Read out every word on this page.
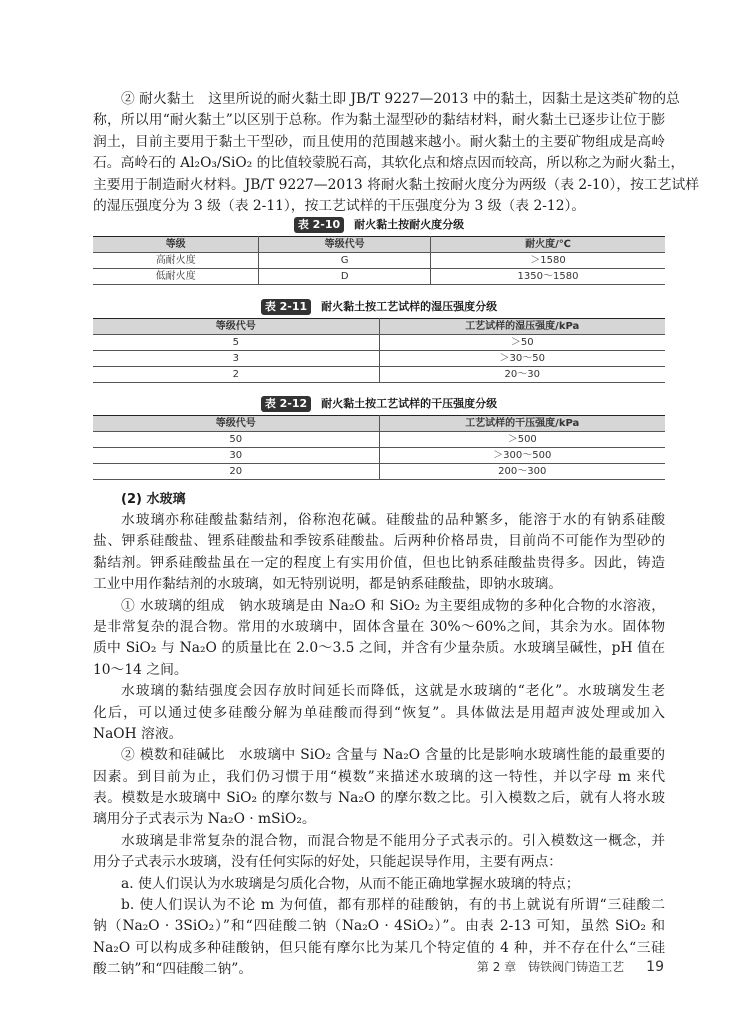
② 耐火黏土　这里所说的耐火黏土即 JB/T 9227—2013 中的黏土，因黏土是这类矿物的总
称，所以用“耐火黏土”以区别于总称。作为黏土湿型砂的黏结材料，耐火黏土已逐步让位于膨
润土，目前主要用于黏土干型砂，而且使用的范围越来越小。耐火黏土的主要矿物组成是高岭
石。高岭石的 Al₂O₃/SiO₂ 的比值较蒙脱石高，其软化点和熔点因而较高，所以称之为耐火黏土，
主要用于制造耐火材料。JB/T 9227—2013 将耐火黏土按耐火度分为两级（表 2-10），按工艺试样
的湿压强度分为 3 级（表 2-11），按工艺试样的干压强度分为 3 级（表 2-12）。
表 2-10 耐火黏土按耐火度分级
等级	等级代号	耐火度/℃
高耐火度	G	＞1580
低耐火度	D	1350～1580
表 2-11 耐火黏土按工艺试样的湿压强度分级
等级代号	工艺试样的湿压强度/kPa
5	＞50
3	＞30～50
2	20～30
表 2-12 耐火黏土按工艺试样的干压强度分级
等级代号	工艺试样的干压强度/kPa
50	＞500
30	＞300～500
20	200～300
(2) 水玻璃
水玻璃亦称硅酸盐黏结剂，俗称泡花碱。硅酸盐的品种繁多，能溶于水的有钠系硅酸
盐、钾系硅酸盐、锂系硅酸盐和季铵系硅酸盐。后两种价格昂贵，目前尚不可能作为型砂的
黏结剂。钾系硅酸盐虽在一定的程度上有实用价值，但也比钠系硅酸盐贵得多。因此，铸造
工业中用作黏结剂的水玻璃，如无特别说明，都是钠系硅酸盐，即钠水玻璃。
① 水玻璃的组成　钠水玻璃是由 Na₂O 和 SiO₂ 为主要组成物的多种化合物的水溶液，
是非常复杂的混合物。常用的水玻璃中，固体含量在 30%～60%之间，其余为水。固体物
质中 SiO₂ 与 Na₂O 的质量比在 2.0～3.5 之间，并含有少量杂质。水玻璃呈碱性，pH 值在
10～14 之间。
水玻璃的黏结强度会因存放时间延长而降低，这就是水玻璃的“老化”。水玻璃发生老
化后，可以通过使多硅酸分解为单硅酸而得到“恢复”。具体做法是用超声波处理或加入
NaOH 溶液。
② 模数和硅碱比　水玻璃中 SiO₂ 含量与 Na₂O 含量的比是影响水玻璃性能的最重要的
因素。到目前为止，我们仍习惯于用“模数”来描述水玻璃的这一特性，并以字母 m 来代
表。模数是水玻璃中 SiO₂ 的摩尔数与 Na₂O 的摩尔数之比。引入模数之后，就有人将水玻
璃用分子式表示为 Na₂O · mSiO₂。
水玻璃是非常复杂的混合物，而混合物是不能用分子式表示的。引入模数这一概念，并
用分子式表示水玻璃，没有任何实际的好处，只能起误导作用，主要有两点：
a. 使人们误认为水玻璃是匀质化合物，从而不能正确地掌握水玻璃的特点；
b. 使人们误认为不论 m 为何值，都有那样的硅酸钠，有的书上就说有所谓“三硅酸二
钠（Na₂O · 3SiO₂）”和“四硅酸二钠（Na₂O · 4SiO₂）”。由表 2-13 可知，虽然 SiO₂ 和
Na₂O 可以构成多种硅酸钠，但只能有摩尔比为某几个特定值的 4 种，并不存在什么“三硅
酸二钠”和“四硅酸二钠”。	第 2 章　铸铁阀门铸造工艺 19
